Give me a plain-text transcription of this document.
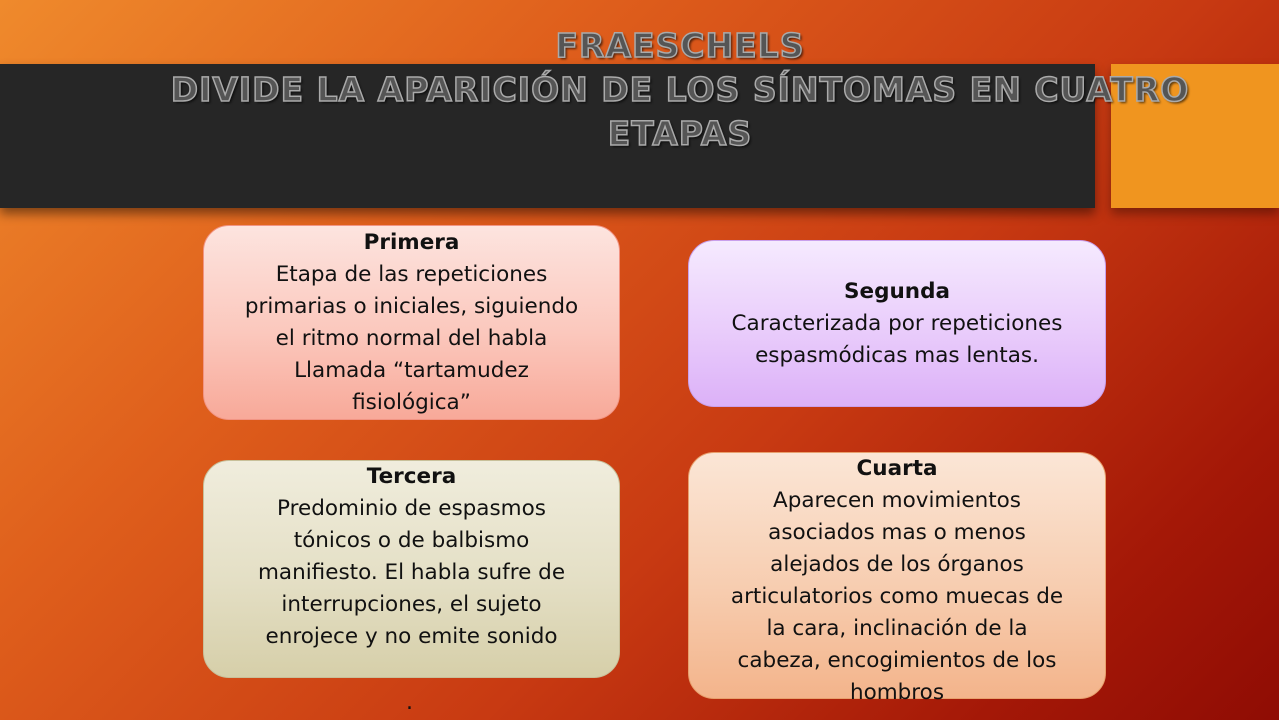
FRAESCHELS
DIVIDE LA APARICIÓN DE LOS SÍNTOMAS EN CUATRO
ETAPAS
Primera
Etapa de las repeticiones
primarias o iniciales, siguiendo
el ritmo normal del habla
Llamada “tartamudez
fisiológica”
Segunda
Caracterizada por repeticiones
espasmódicas mas lentas.
Tercera
Predominio de espasmos
tónicos o de balbismo
manifiesto. El habla sufre de
interrupciones, el sujeto
enrojece y no emite sonido
Cuarta
Aparecen movimientos
asociados mas o menos
alejados de los órganos
articulatorios como muecas de
la cara, inclinación de la
cabeza, encogimientos de los
hombros
.
